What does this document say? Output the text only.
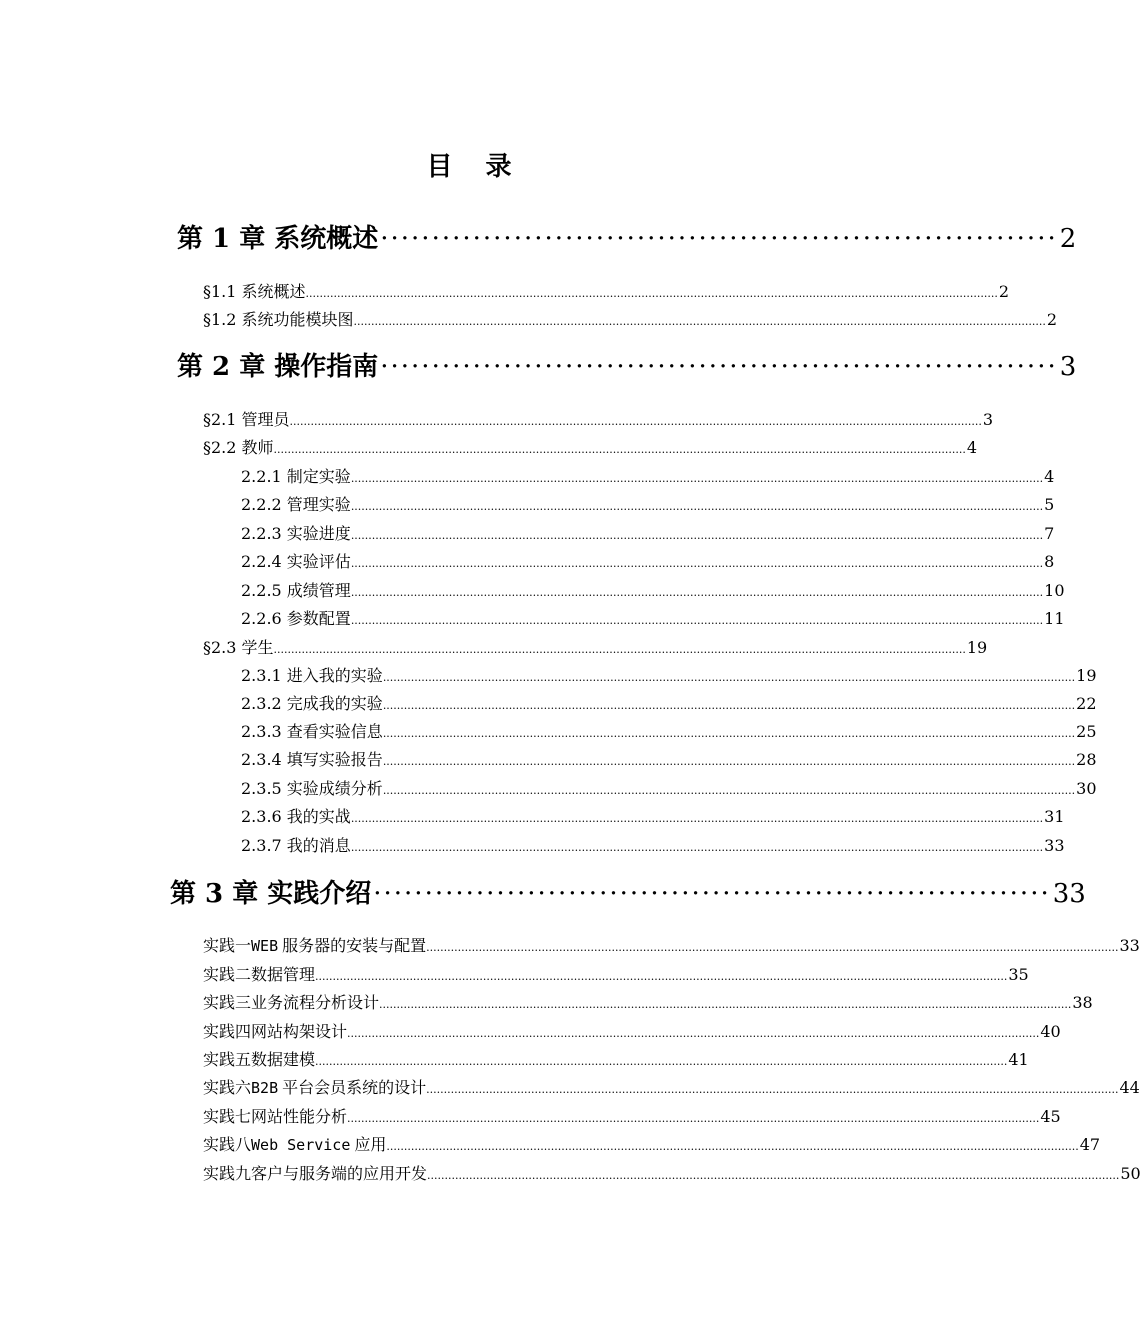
目 录
第 1 章 系统概述 ·································································· 2
§1.1 系统概述 ...................................................................................................................................................................................................... 2
§1.2 系统功能模块图 ...................................................................................................................................................................................................... 2
第 2 章 操作指南 ·································································· 3
§2.1 管理员 ...................................................................................................................................................................................................... 3
§2.2 教师 ...................................................................................................................................................................................................... 4
2.2.1 制定实验 ...................................................................................................................................................................................................... 4
2.2.2 管理实验 ...................................................................................................................................................................................................... 5
2.2.3 实验进度 ...................................................................................................................................................................................................... 7
2.2.4 实验评估 ...................................................................................................................................................................................................... 8
2.2.5 成绩管理 ...................................................................................................................................................................................................... 10
2.2.6 参数配置 ...................................................................................................................................................................................................... 11
§2.3 学生 ...................................................................................................................................................................................................... 19
2.3.1 进入我的实验 ...................................................................................................................................................................................................... 19
2.3.2 完成我的实验 ...................................................................................................................................................................................................... 22
2.3.3 查看实验信息 ...................................................................................................................................................................................................... 25
2.3.4 填写实验报告 ...................................................................................................................................................................................................... 28
2.3.5 实验成绩分析 ...................................................................................................................................................................................................... 30
2.3.6 我的实战 ...................................................................................................................................................................................................... 31
2.3.7 我的消息 ...................................................................................................................................................................................................... 33
第 3 章 实践介绍 ·································································· 33
实践一 WEB 服务器的安装与配置 ...................................................................................................................................................................................................... 33
实践二 数据管理 ...................................................................................................................................................................................................... 35
实践三 业务流程分析设计 ...................................................................................................................................................................................................... 38
实践四 网站构架设计 ...................................................................................................................................................................................................... 40
实践五 数据建模 ...................................................................................................................................................................................................... 41
实践六 B2B 平台会员系统的设计 ...................................................................................................................................................................................................... 44
实践七 网站性能分析 ...................................................................................................................................................................................................... 45
实践八 Web Service 应用 ...................................................................................................................................................................................................... 47
实践九 客户与服务端的应用开发 ...................................................................................................................................................................................................... 50
